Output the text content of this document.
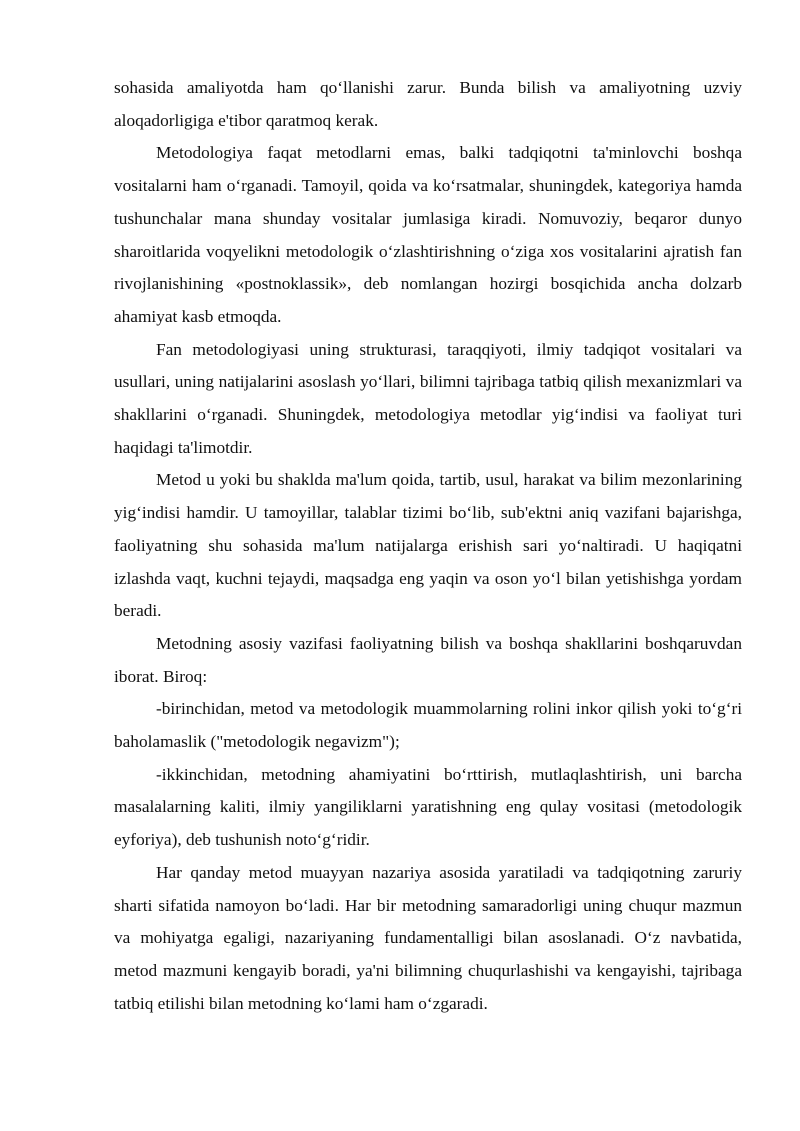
sohasida amaliyotda ham qo‘llanishi zarur. Bunda bilish va amaliyotning uzviy aloqadorligiga e'tibor qaratmoq kerak.

Metodologiya faqat metodlarni emas, balki tadqiqotni ta'minlovchi boshqa vositalarni ham o‘rganadi. Tamoyil, qoida va ko‘rsatmalar, shuningdek, kategoriya hamda tushunchalar mana shunday vositalar jumlasiga kiradi. Nomuvoziy, beqaror dunyo sharoitlarida voqyelikni metodologik o‘zlashtirishning o‘ziga xos vositalarini ajratish fan rivojlanishining «postnoklassik», deb nomlangan hozirgi bosqichida ancha dolzarb ahamiyat kasb etmoqda.

Fan metodologiyasi uning strukturasi, taraqqiyoti, ilmiy tadqiqot vositalari va usullari, uning natijalarini asoslash yo‘llari, bilimni tajribaga tatbiq qilish mexanizmlari va shakllarini o‘rganadi. Shuningdek, metodologiya metodlar yig‘indisi va faoliyat turi haqidagi ta'limotdir.

Metod u yoki bu shaklda ma'lum qoida, tartib, usul, harakat va bilim mezonlarining yig‘indisi hamdir. U tamoyillar, talablar tizimi bo‘lib, sub'ektni aniq vazifani bajarishga, faoliyatning shu sohasida ma'lum natijalarga erishish sari yo‘naltiradi. U haqiqatni izlashda vaqt, kuchni tejaydi, maqsadga eng yaqin va oson yo‘l bilan yetishishga yordam beradi.

Metodning asosiy vazifasi faoliyatning bilish va boshqa shakllarini boshqaruvdan iborat. Biroq:

-birinchidan, metod va metodologik muammolarning rolini inkor qilish yoki to‘g‘ri baholamaslik ("metodologik negavizm");

-ikkinchidan, metodning ahamiyatini bo‘rttirish, mutlaqlashtirish, uni barcha masalalarning kaliti, ilmiy yangiliklarni yaratishning eng qulay vositasi (metodologik eyforiya), deb tushunish noto‘g‘ridir.

Har qanday metod muayyan nazariya asosida yaratiladi va tadqiqotning zaruriy sharti sifatida namoyon bo‘ladi. Har bir metodning samaradorligi uning chuqur mazmun va mohiyatga egaligi, nazariyaning fundamentalligi bilan asoslanadi. O‘z navbatida, metod mazmuni kengayib boradi, ya'ni bilimning chuqurlashishi va kengayishi, tajribaga tatbiq etilishi bilan metodning ko‘lami ham o‘zgaradi.
